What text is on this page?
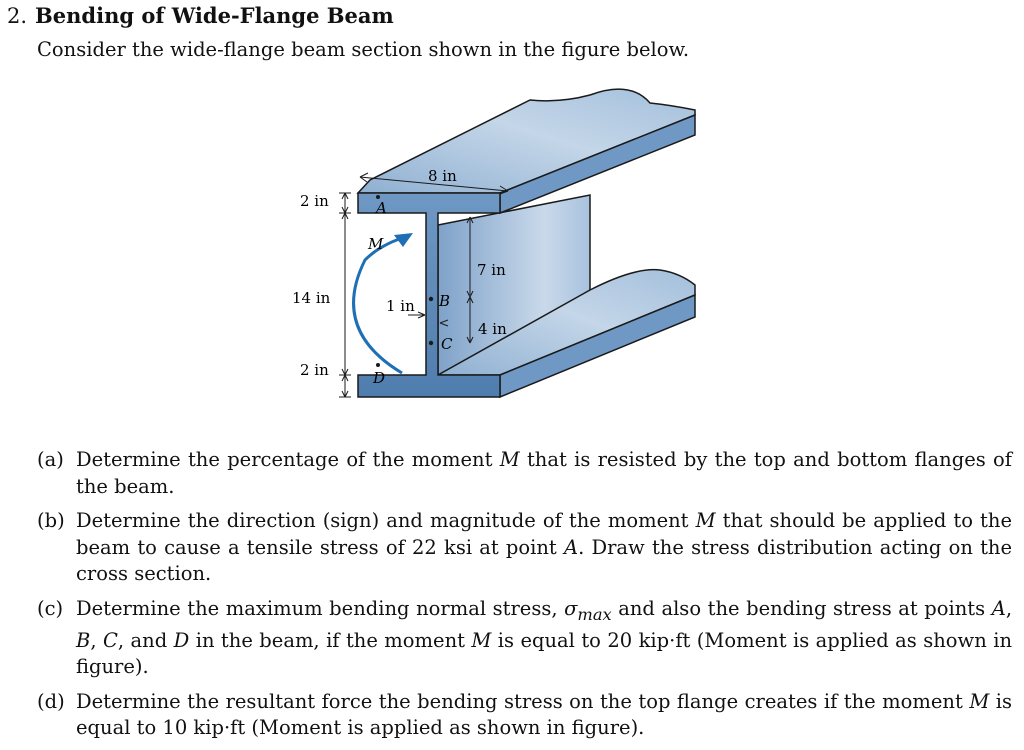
2. Bending of Wide-Flange Beam
Consider the wide-flange beam section shown in the figure below.
8 in
2 in
14 in
2 in
7 in
4 in
1 in
A
B
C
D
M
(a) Determine the percentage of the moment M that is resisted by the top and bottom flanges of the beam.
(b) Determine the direction (sign) and magnitude of the moment M that should be applied to the beam to cause a tensile stress of 22 ksi at point A. Draw the stress distribution acting on the cross section.
(c) Determine the maximum bending normal stress, $\sigma_{max}$ and also the bending stress at points A, B, C, and D in the beam, if the moment M is equal to 20 kip·ft (Moment is applied as shown in figure).
(d) Determine the resultant force the bending stress on the top flange creates if the moment M is equal to 10 kip·ft (Moment is applied as shown in figure).
